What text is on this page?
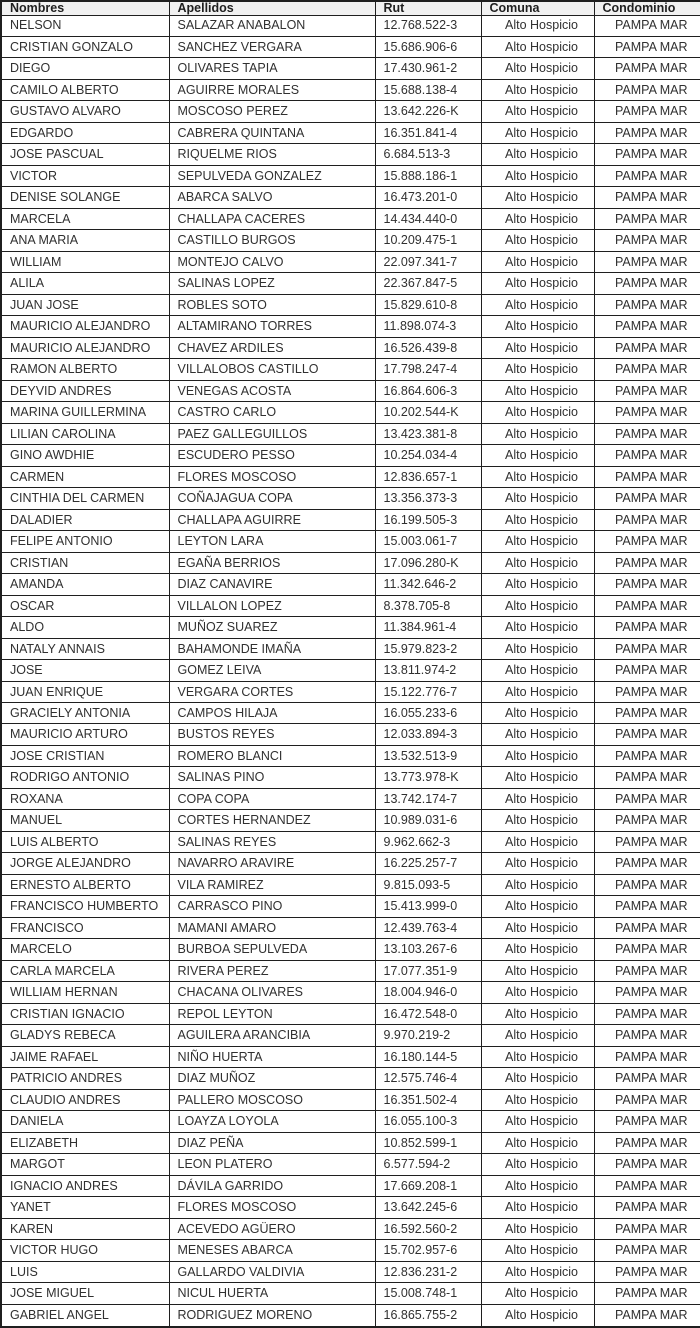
Nombres	Apellidos	Rut	Comuna	Condominio
NELSON	SALAZAR ANABALON	12.768.522-3	Alto Hospicio	PAMPA MAR
CRISTIAN GONZALO	SANCHEZ VERGARA	15.686.906-6	Alto Hospicio	PAMPA MAR
DIEGO	OLIVARES TAPIA	17.430.961-2	Alto Hospicio	PAMPA MAR
CAMILO ALBERTO	AGUIRRE MORALES	15.688.138-4	Alto Hospicio	PAMPA MAR
GUSTAVO ALVARO	MOSCOSO PEREZ	13.642.226-K	Alto Hospicio	PAMPA MAR
EDGARDO	CABRERA QUINTANA	16.351.841-4	Alto Hospicio	PAMPA MAR
JOSE PASCUAL	RIQUELME RIOS	6.684.513-3	Alto Hospicio	PAMPA MAR
VICTOR	SEPULVEDA GONZALEZ	15.888.186-1	Alto Hospicio	PAMPA MAR
DENISE SOLANGE	ABARCA SALVO	16.473.201-0	Alto Hospicio	PAMPA MAR
MARCELA	CHALLAPA CACERES	14.434.440-0	Alto Hospicio	PAMPA MAR
ANA MARIA	CASTILLO BURGOS	10.209.475-1	Alto Hospicio	PAMPA MAR
WILLIAM	MONTEJO CALVO	22.097.341-7	Alto Hospicio	PAMPA MAR
ALILA	SALINAS LOPEZ	22.367.847-5	Alto Hospicio	PAMPA MAR
JUAN JOSE	ROBLES SOTO	15.829.610-8	Alto Hospicio	PAMPA MAR
MAURICIO ALEJANDRO	ALTAMIRANO TORRES	11.898.074-3	Alto Hospicio	PAMPA MAR
MAURICIO ALEJANDRO	CHAVEZ ARDILES	16.526.439-8	Alto Hospicio	PAMPA MAR
RAMON ALBERTO	VILLALOBOS CASTILLO	17.798.247-4	Alto Hospicio	PAMPA MAR
DEYVID ANDRES	VENEGAS ACOSTA	16.864.606-3	Alto Hospicio	PAMPA MAR
MARINA GUILLERMINA	CASTRO CARLO	10.202.544-K	Alto Hospicio	PAMPA MAR
LILIAN CAROLINA	PAEZ GALLEGUILLOS	13.423.381-8	Alto Hospicio	PAMPA MAR
GINO AWDHIE	ESCUDERO PESSO	10.254.034-4	Alto Hospicio	PAMPA MAR
CARMEN	FLORES MOSCOSO	12.836.657-1	Alto Hospicio	PAMPA MAR
CINTHIA DEL CARMEN	COÑAJAGUA COPA	13.356.373-3	Alto Hospicio	PAMPA MAR
DALADIER	CHALLAPA AGUIRRE	16.199.505-3	Alto Hospicio	PAMPA MAR
FELIPE ANTONIO	LEYTON LARA	15.003.061-7	Alto Hospicio	PAMPA MAR
CRISTIAN	EGAÑA BERRIOS	17.096.280-K	Alto Hospicio	PAMPA MAR
AMANDA	DIAZ CANAVIRE	11.342.646-2	Alto Hospicio	PAMPA MAR
OSCAR	VILLALON LOPEZ	8.378.705-8	Alto Hospicio	PAMPA MAR
ALDO	MUÑOZ SUAREZ	11.384.961-4	Alto Hospicio	PAMPA MAR
NATALY ANNAIS	BAHAMONDE IMAÑA	15.979.823-2	Alto Hospicio	PAMPA MAR
JOSE	GOMEZ LEIVA	13.811.974-2	Alto Hospicio	PAMPA MAR
JUAN ENRIQUE	VERGARA CORTES	15.122.776-7	Alto Hospicio	PAMPA MAR
GRACIELY ANTONIA	CAMPOS HILAJA	16.055.233-6	Alto Hospicio	PAMPA MAR
MAURICIO ARTURO	BUSTOS REYES	12.033.894-3	Alto Hospicio	PAMPA MAR
JOSE CRISTIAN	ROMERO BLANCI	13.532.513-9	Alto Hospicio	PAMPA MAR
RODRIGO ANTONIO	SALINAS PINO	13.773.978-K	Alto Hospicio	PAMPA MAR
ROXANA	COPA COPA	13.742.174-7	Alto Hospicio	PAMPA MAR
MANUEL	CORTES HERNANDEZ	10.989.031-6	Alto Hospicio	PAMPA MAR
LUIS ALBERTO	SALINAS REYES	9.962.662-3	Alto Hospicio	PAMPA MAR
JORGE ALEJANDRO	NAVARRO ARAVIRE	16.225.257-7	Alto Hospicio	PAMPA MAR
ERNESTO ALBERTO	VILA RAMIREZ	9.815.093-5	Alto Hospicio	PAMPA MAR
FRANCISCO HUMBERTO	CARRASCO PINO	15.413.999-0	Alto Hospicio	PAMPA MAR
FRANCISCO	MAMANI AMARO	12.439.763-4	Alto Hospicio	PAMPA MAR
MARCELO	BURBOA SEPULVEDA	13.103.267-6	Alto Hospicio	PAMPA MAR
CARLA MARCELA	RIVERA PEREZ	17.077.351-9	Alto Hospicio	PAMPA MAR
WILLIAM HERNAN	CHACANA OLIVARES	18.004.946-0	Alto Hospicio	PAMPA MAR
CRISTIAN IGNACIO	REPOL LEYTON	16.472.548-0	Alto Hospicio	PAMPA MAR
GLADYS REBECA	AGUILERA ARANCIBIA	9.970.219-2	Alto Hospicio	PAMPA MAR
JAIME RAFAEL	NIÑO HUERTA	16.180.144-5	Alto Hospicio	PAMPA MAR
PATRICIO ANDRES	DIAZ MUÑOZ	12.575.746-4	Alto Hospicio	PAMPA MAR
CLAUDIO ANDRES	PALLERO MOSCOSO	16.351.502-4	Alto Hospicio	PAMPA MAR
DANIELA	LOAYZA LOYOLA	16.055.100-3	Alto Hospicio	PAMPA MAR
ELIZABETH	DIAZ PEÑA	10.852.599-1	Alto Hospicio	PAMPA MAR
MARGOT	LEON PLATERO	6.577.594-2	Alto Hospicio	PAMPA MAR
IGNACIO ANDRES	DÁVILA GARRIDO	17.669.208-1	Alto Hospicio	PAMPA MAR
YANET	FLORES MOSCOSO	13.642.245-6	Alto Hospicio	PAMPA MAR
KAREN	ACEVEDO AGÜERO	16.592.560-2	Alto Hospicio	PAMPA MAR
VICTOR HUGO	MENESES ABARCA	15.702.957-6	Alto Hospicio	PAMPA MAR
LUIS	GALLARDO VALDIVIA	12.836.231-2	Alto Hospicio	PAMPA MAR
JOSE MIGUEL	NICUL HUERTA	15.008.748-1	Alto Hospicio	PAMPA MAR
GABRIEL ANGEL	RODRIGUEZ MORENO	16.865.755-2	Alto Hospicio	PAMPA MAR
